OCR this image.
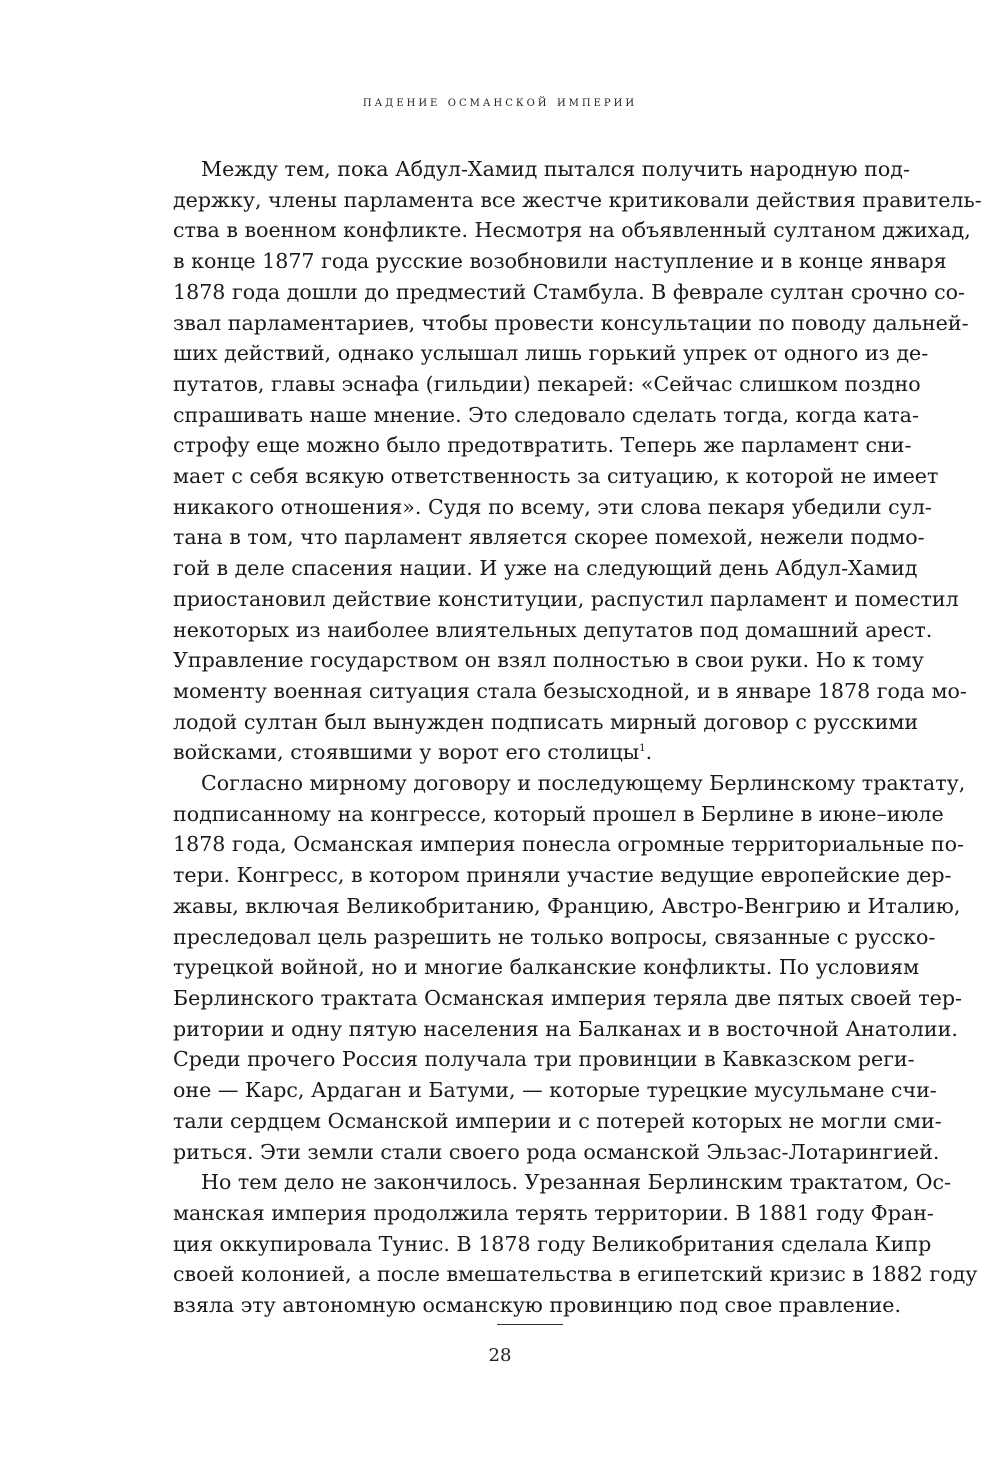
падение османской империи

Между тем, пока Абдул-Хамид пытался получить народную под-
держку, члены парламента все жестче критиковали действия правитель-
ства в военном конфликте. Несмотря на объявленный султаном джихад,
в конце 1877 года русские возобновили наступление и в конце января
1878 года дошли до предместий Стамбула. В феврале султан срочно со-
звал парламентариев, чтобы провести консультации по поводу дальней-
ших действий, однако услышал лишь горький упрек от одного из де-
путатов, главы эснафа (гильдии) пекарей: «Сейчас слишком поздно
спрашивать наше мнение. Это следовало сделать тогда, когда ката-
строфу еще можно было предотвратить. Теперь же парламент сни-
мает с себя всякую ответственность за ситуацию, к которой не имеет
никакого отношения». Судя по всему, эти слова пекаря убедили сул-
тана в том, что парламент является скорее помехой, нежели подмо-
гой в деле спасения нации. И уже на следующий день Абдул-Хамид
приостановил действие конституции, распустил парламент и поместил
некоторых из наиболее влиятельных депутатов под домашний арест.
Управление государством он взял полностью в свои руки. Но к тому
моменту военная ситуация стала безысходной, и в январе 1878 года мо-
лодой султан был вынужден подписать мирный договор с русскими
войсками, стоявшими у ворот его столицы$^1$.

Согласно мирному договору и последующему Берлинскому трактату,
подписанному на конгрессе, который прошел в Берлине в июне–июле
1878 года, Османская империя понесла огромные территориальные по-
тери. Конгресс, в котором приняли участие ведущие европейские дер-
жавы, включая Великобританию, Францию, Австро-Венгрию и Италию,
преследовал цель разрешить не только вопросы, связанные с русско-
турецкой войной, но и многие балканские конфликты. По условиям
Берлинского трактата Османская империя теряла две пятых своей тер-
ритории и одну пятую населения на Балканах и в восточной Анатолии.
Среди прочего Россия получала три провинции в Кавказском реги-
оне — Карс, Ардаган и Батуми, — которые турецкие мусульмане счи-
тали сердцем Османской империи и с потерей которых не могли сми-
риться. Эти земли стали своего рода османской Эльзас-Лотарингией.

Но тем дело не закончилось. Урезанная Берлинским трактатом, Ос-
манская империя продолжила терять территории. В 1881 году Фран-
ция оккупировала Тунис. В 1878 году Великобритания сделала Кипр
своей колонией, а после вмешательства в египетский кризис в 1882 году
взяла эту автономную османскую провинцию под свое правление.

28
